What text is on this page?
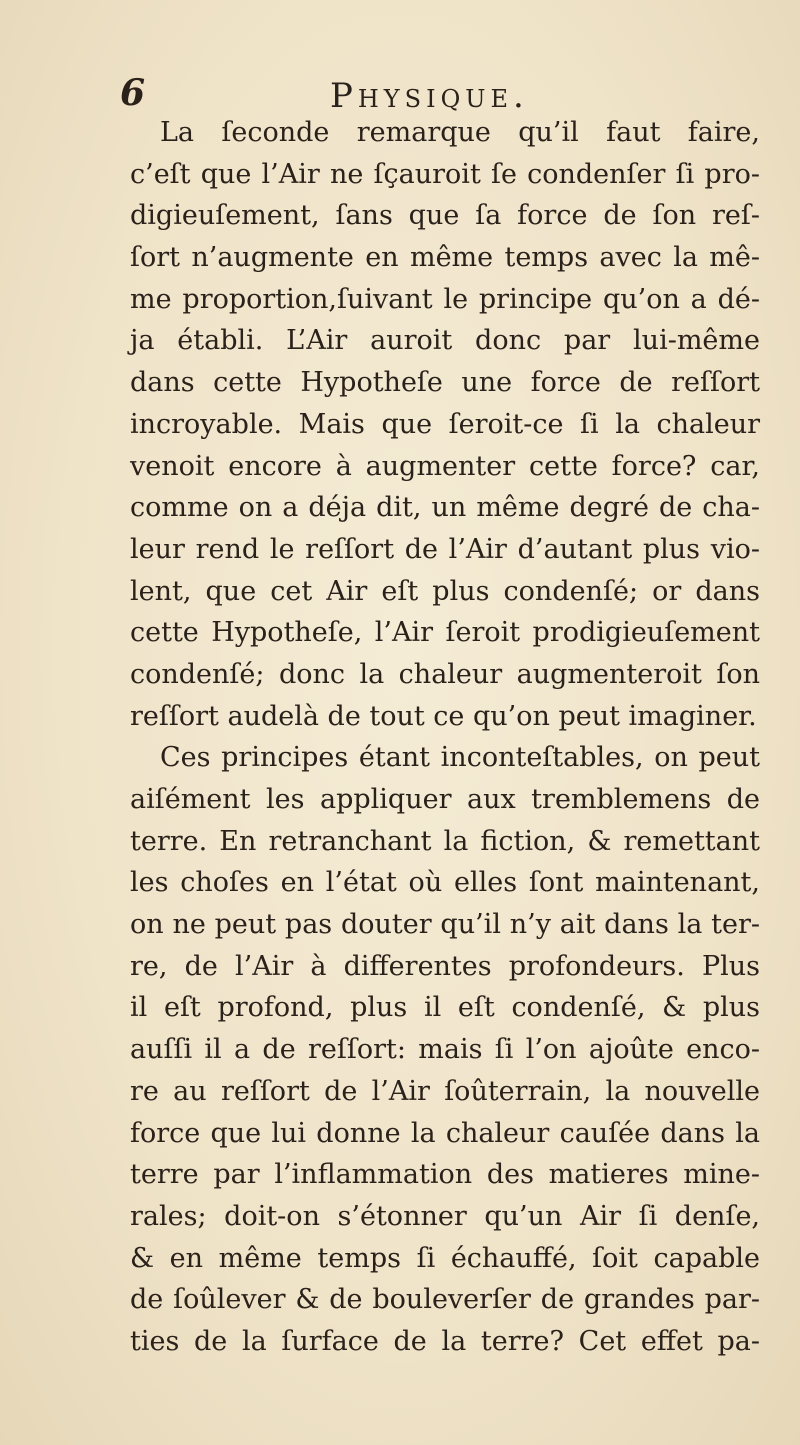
6	Physique.
La ſeconde remarque qu’il faut faire,
c’eſt que l’Air ne ſçauroit ſe condenſer ſi pro-
digieuſement, ſans que ſa force de ſon reſ-
ſort n’augmente en même temps avec la mê-
me proportion,ſuivant le principe qu’on a dé-
ja établi. L’Air auroit donc par lui-même
dans cette Hypotheſe une force de reſſort
incroyable. Mais que ſeroit-ce ſi la chaleur
venoit encore à augmenter cette force? car,
comme on a déja dit, un même degré de cha-
leur rend le reſſort de l’Air d’autant plus vio-
lent, que cet Air eſt plus condenſé; or dans
cette Hypotheſe, l’Air ſeroit prodigieuſement
condenſé; donc la chaleur augmenteroit ſon
reſſort audelà de tout ce qu’on peut imaginer.
Ces principes étant inconteſtables, on peut
aiſément les appliquer aux tremblemens de
terre. En retranchant la fiction, & remettant
les choſes en l’état où elles ſont maintenant,
on ne peut pas douter qu’il n’y ait dans la ter-
re, de l’Air à differentes profondeurs. Plus
il eſt profond, plus il eſt condenſé, & plus
auſſi il a de reſſort: mais ſi l’on ajoûte enco-
re au reſſort de l’Air ſoûterrain, la nouvelle
force que lui donne la chaleur cauſée dans la
terre par l’inflammation des matieres mine-
rales; doit-on s’étonner qu’un Air ſi denſe,
& en même temps ſi échauffé, ſoit capable
de ſoûlever & de bouleverſer de grandes par-
ties de la ſurface de la terre? Cet effet pa-
